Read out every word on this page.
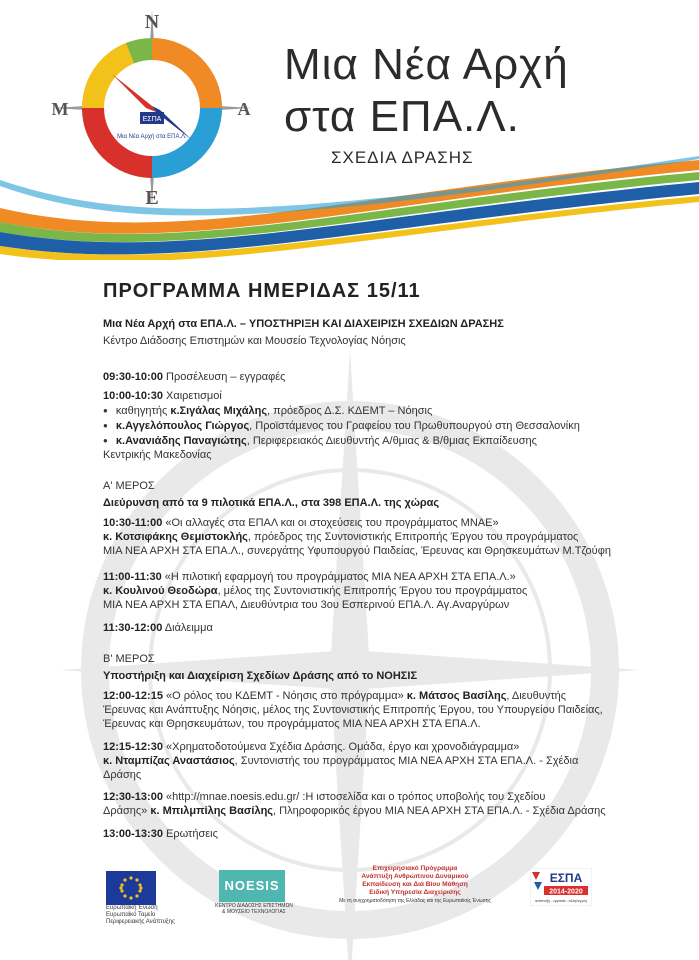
ΕΣΠΑ
Μια Νέα Αρχή στα ΕΠΑ.Λ.
Ν
Ε
Μ	Α
Μια Νέα Αρχή
στα ΕΠΑ.Λ.
ΣΧΕΔΙΑ ΔΡΑΣΗΣ
ΠΡΟΓΡΑΜΜΑ ΗΜΕΡΙΔΑΣ 15/11
Μια Νέα Αρχή στα ΕΠΑ.Λ. – ΥΠΟΣΤΗΡΙΞΗ ΚΑΙ ΔΙΑΧΕΙΡΙΣΗ ΣΧΕΔΙΩΝ ΔΡΑΣΗΣ
Κέντρο Διάδοσης Επιστημών και Μουσείο Τεχνολογίας Νόησις
09:30-10:00 Προσέλευση – εγγραφές
10:00-10:30 Χαιρετισμοί
● καθηγητής κ.Σιγάλας Μιχάλης, πρόεδρος Δ.Σ. ΚΔΕΜΤ – Νόησις
● κ.Αγγελόπουλος Γιώργος, Προϊστάμενος του Γραφείου του Πρωθυπουργού στη Θεσσαλονίκη
● κ.Ανανιάδης Παναγιώτης, Περιφερειακός Διευθυντής Α/θμιας & Β/θμιας Εκπαίδευσης
Κεντρικής Μακεδονίας
Α' ΜΕΡΟΣ
Διεύρυνση από τα 9 πιλοτικά ΕΠΑ.Λ., στα 398 ΕΠΑ.Λ. της χώρας
10:30-11:00 «Οι αλλαγές στα ΕΠΑΛ και οι στοχεύσεις του προγράμματος ΜΝΑΕ»
κ. Κοτσιφάκης Θεμιστοκλής, πρόεδρος της Συντονιστικής Επιτροπής Έργου του προγράμματος
ΜΙΑ ΝΕΑ ΑΡΧΗ ΣΤΑ ΕΠΑ.Λ., συνεργάτης Υφυπουργού Παιδείας, Έρευνας και Θρησκευμάτων Μ.Τζούφη
11:00-11:30 «Η πιλοτική εφαρμογή του προγράμματος ΜΙΑ ΝΕΑ ΑΡΧΗ ΣΤΑ ΕΠΑ.Λ.»
κ. Κουλινού Θεοδώρα, μέλος της Συντονιστικής Επιτροπής Έργου του προγράμματος
ΜΙΑ ΝΕΑ ΑΡΧΗ ΣΤΑ ΕΠΑΛ, Διευθύντρια του 3ου Εσπερινού ΕΠΑ.Λ. Αγ.Αναργύρων
11:30-12:00 Διάλειμμα
Β' ΜΕΡΟΣ
Υποστήριξη και Διαχείριση Σχεδίων Δράσης από το ΝΟΗΣΙΣ
12:00-12:15 «Ο ρόλος του ΚΔΕΜΤ - Νόησις στο πρόγραμμα» κ. Μάτσος Βασίλης, Διευθυντής
Έρευνας και Ανάπτυξης Νόησις, μέλος της Συντονιστικής Επιτροπής Έργου, του Υπουργείου Παιδείας,
Έρευνας και Θρησκευμάτων, του προγράμματος ΜΙΑ ΝΕΑ ΑΡΧΗ ΣΤΑ ΕΠΑ.Λ.
12:15-12:30 «Χρηματοδοτούμενα Σχέδια Δράσης. Ομάδα, έργο και χρονοδιάγραμμα»
κ. Νταμπίζας Αναστάσιος, Συντονιστής του προγράμματος ΜΙΑ ΝΕΑ ΑΡΧΗ ΣΤΑ ΕΠΑ.Λ. - Σχέδια
Δράσης
12:30-13:00 «http://mnae.noesis.edu.gr/ :Η ιστοσελίδα και ο τρόπος υποβολής του Σχεδίου
Δράσης» κ. Μπιλμπίλης Βασίλης, Πληροφορικός έργου ΜΙΑ ΝΕΑ ΑΡΧΗ ΣΤΑ ΕΠΑ.Λ. - Σχέδια Δράσης
13:00-13:30 Ερωτήσεις
Ευρωπαϊκή Ένωση
Ευρωπαϊκό Ταμείο Περιφερειακής Ανάπτυξης
NOESIS
ΚΕΝΤΡΟ ΔΙΑΔΟΣΗΣ ΕΠΙΣΤΗΜΩΝ & ΜΟΥΣΕΙΟ ΤΕΧΝΟΛΟΓΙΑΣ
Επιχειρησιακό Πρόγραμμα
Ανάπτυξη Ανθρώπινου Δυναμικού
Εκπαίδευση και Διά Βίου Μάθηση
Ειδική Υπηρεσία Διαχείρισης
Με τη συγχρηματοδότηση της Ελλάδας και της Ευρωπαϊκής Ένωσης
ΕΣΠΑ
2014-2020
ανάπτυξη - εργασία - αλληλεγγύη
